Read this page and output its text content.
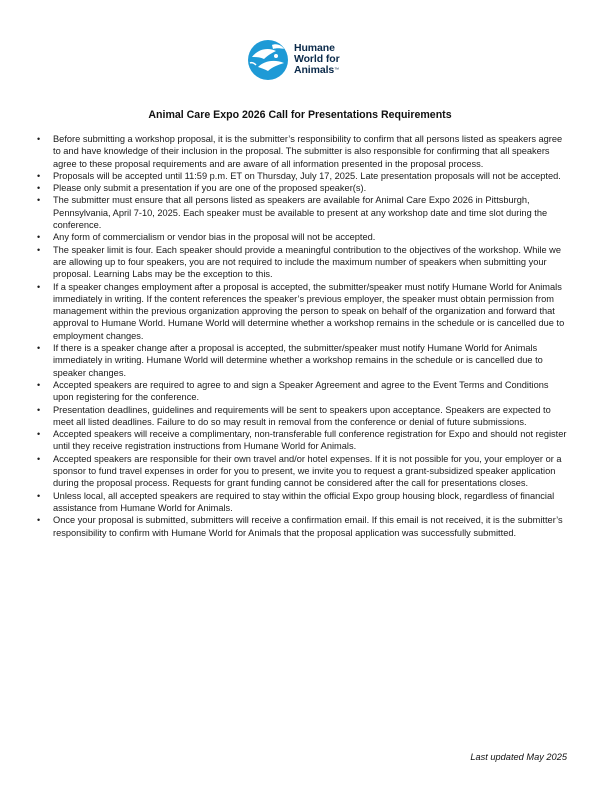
Humane
World for
Animals™
Animal Care Expo 2026 Call for Presentations Requirements
• Before submitting a workshop proposal, it is the submitter’s responsibility to confirm that all persons listed as speakers agree to and have knowledge of their inclusion in the proposal. The submitter is also responsible for confirming that all speakers agree to these proposal requirements and are aware of all information presented in the proposal process.
• Proposals will be accepted until 11:59 p.m. ET on Thursday, July 17, 2025. Late presentation proposals will not be accepted.
• Please only submit a presentation if you are one of the proposed speaker(s).
• The submitter must ensure that all persons listed as speakers are available for Animal Care Expo 2026 in Pittsburgh, Pennsylvania, April 7-10, 2025. Each speaker must be available to present at any workshop date and time slot during the conference.
• Any form of commercialism or vendor bias in the proposal will not be accepted.
• The speaker limit is four. Each speaker should provide a meaningful contribution to the objectives of the workshop. While we are allowing up to four speakers, you are not required to include the maximum number of speakers when submitting your proposal. Learning Labs may be the exception to this.
• If a speaker changes employment after a proposal is accepted, the submitter/speaker must notify Humane World for Animals immediately in writing. If the content references the speaker’s previous employer, the speaker must obtain permission from management within the previous organization approving the person to speak on behalf of the organization and forward that approval to Humane World. Humane World will determine whether a workshop remains in the schedule or is cancelled due to employment changes.
• If there is a speaker change after a proposal is accepted, the submitter/speaker must notify Humane World for Animals immediately in writing. Humane World will determine whether a workshop remains in the schedule or is cancelled due to speaker changes.
• Accepted speakers are required to agree to and sign a Speaker Agreement and agree to the Event Terms and Conditions upon registering for the conference.
• Presentation deadlines, guidelines and requirements will be sent to speakers upon acceptance. Speakers are expected to meet all listed deadlines. Failure to do so may result in removal from the conference or denial of future submissions.
• Accepted speakers will receive a complimentary, non-transferable full conference registration for Expo and should not register until they receive registration instructions from Humane World for Animals.
• Accepted speakers are responsible for their own travel and/or hotel expenses. If it is not possible for you, your employer or a sponsor to fund travel expenses in order for you to present, we invite you to request a grant-subsidized speaker application during the proposal process. Requests for grant funding cannot be considered after the call for presentations closes.
• Unless local, all accepted speakers are required to stay within the official Expo group housing block, regardless of financial assistance from Humane World for Animals.
• Once your proposal is submitted, submitters will receive a confirmation email. If this email is not received, it is the submitter’s responsibility to confirm with Humane World for Animals that the proposal application was successfully submitted.
Last updated May 2025
